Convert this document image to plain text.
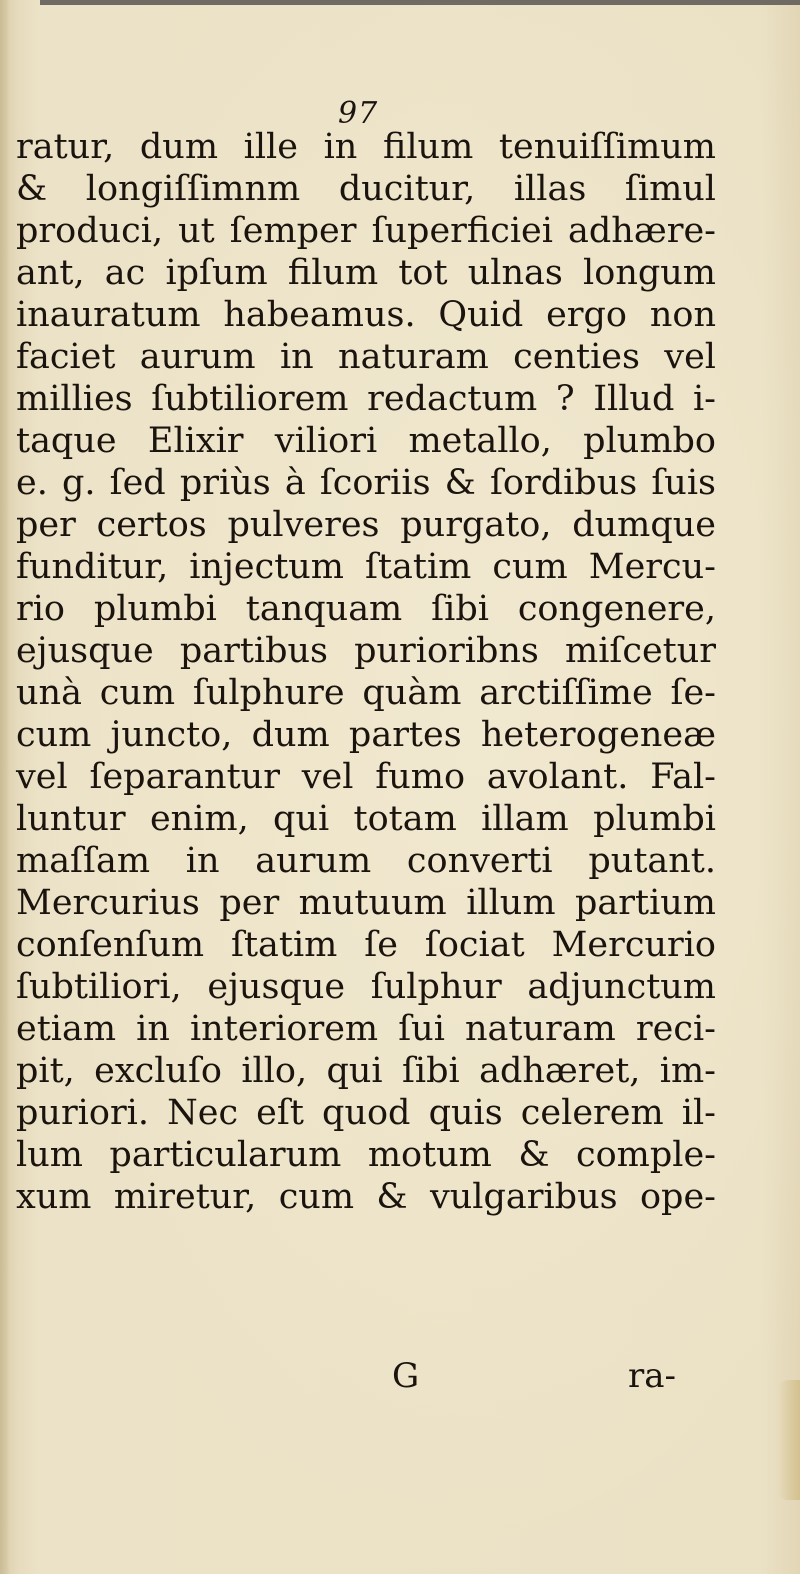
97
ratur, dum ille in filum tenuiſſimum
& longiſſimnm ducitur, illas ſimul
produci, ut ſemper ſuperficiei adhære-
ant, ac ipſum filum tot ulnas longum
inauratum habeamus. Quid ergo non
faciet aurum in naturam centies vel
millies ſubtiliorem redactum ? Illud i-
taque Elixir viliori metallo, plumbo
e. g. ſed priùs à ſcoriis & ſordibus ſuis
per certos pulveres purgato, dumque
funditur, injectum ſtatim cum Mercu-
rio plumbi tanquam ſibi congenere,
ejusque partibus purioribns miſcetur
unà cum ſulphure quàm arctiſſime ſe-
cum juncto, dum partes heterogeneæ
vel ſeparantur vel fumo avolant. Fal-
luntur enim, qui totam illam plumbi
maſſam in aurum converti putant.
Mercurius per mutuum illum partium
conſenſum ſtatim ſe ſociat Mercurio
ſubtiliori, ejusque ſulphur adjunctum
etiam in interiorem ſui naturam reci-
pit, excluſo illo, qui ſibi adhæret, im-
puriori. Nec eſt quod quis celerem il-
lum particularum motum & comple-
xum miretur, cum & vulgaribus ope-
G	ra-
